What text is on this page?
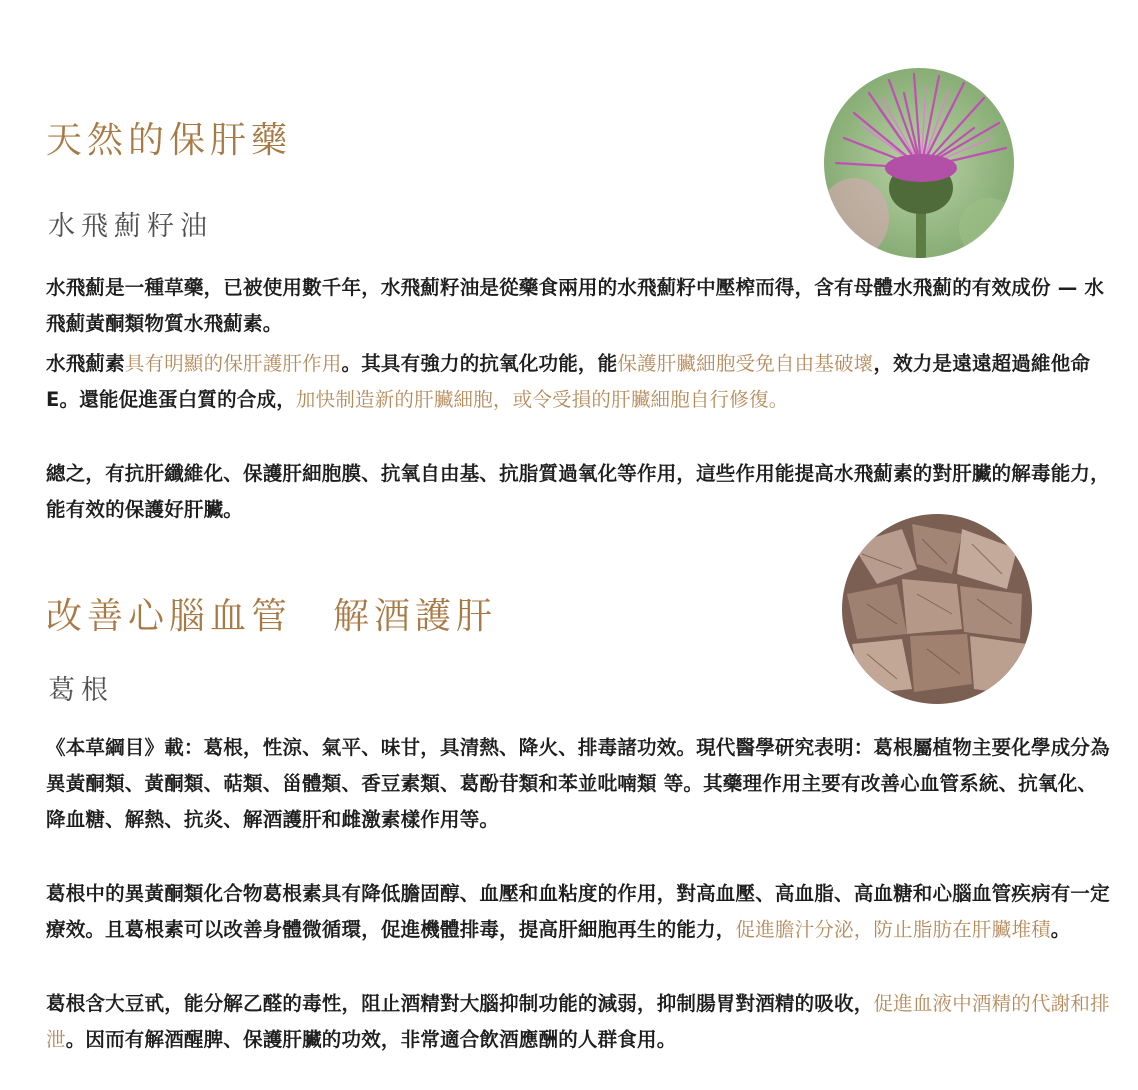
天然的保肝藥
水飛薊籽油

水飛薊是一種草藥，已被使用數千年，水飛薊籽油是從藥食兩用的水飛薊籽中壓榨而得，含有母體水飛薊的有效成份 — 水飛薊黃酮類物質水飛薊素。

水飛薊素具有明顯的保肝護肝作用。其具有強力的抗氧化功能，能保護肝臟細胞受免自由基破壞，效力是遠遠超過維他命E。還能促進蛋白質的合成，加快制造新的肝臟細胞，或令受損的肝臟細胞自行修復。

總之，有抗肝纖維化、保護肝細胞膜、抗氧自由基、抗脂質過氧化等作用，這些作用能提高水飛薊素的對肝臟的解毒能力，能有效的保護好肝臟。

改善心腦血管　解酒護肝
葛根

《本草綱目》載：葛根，性涼、氣平、味甘，具清熱、降火、排毒諸功效。現代醫學研究表明：葛根屬植物主要化學成分為異黃酮類、黃酮類、萜類、甾體類、香豆素類、葛酚苷類和苯並吡喃類 等。其藥理作用主要有改善心血管系統、抗氧化、降血糖、解熱、抗炎、解酒護肝和雌激素樣作用等。

葛根中的異黃酮類化合物葛根素具有降低膽固醇、血壓和血粘度的作用，對高血壓、高血脂、高血糖和心腦血管疾病有一定療效。且葛根素可以改善身體微循環，促進機體排毒，提高肝細胞再生的能力，促進膽汁分泌，防止脂肪在肝臟堆積。

葛根含大豆甙，能分解乙醛的毒性，阻止酒精對大腦抑制功能的減弱，抑制腸胃對酒精的吸收，促進血液中酒精的代謝和排泄。因而有解酒醒脾、保護肝臟的功效，非常適合飲酒應酬的人群食用。
